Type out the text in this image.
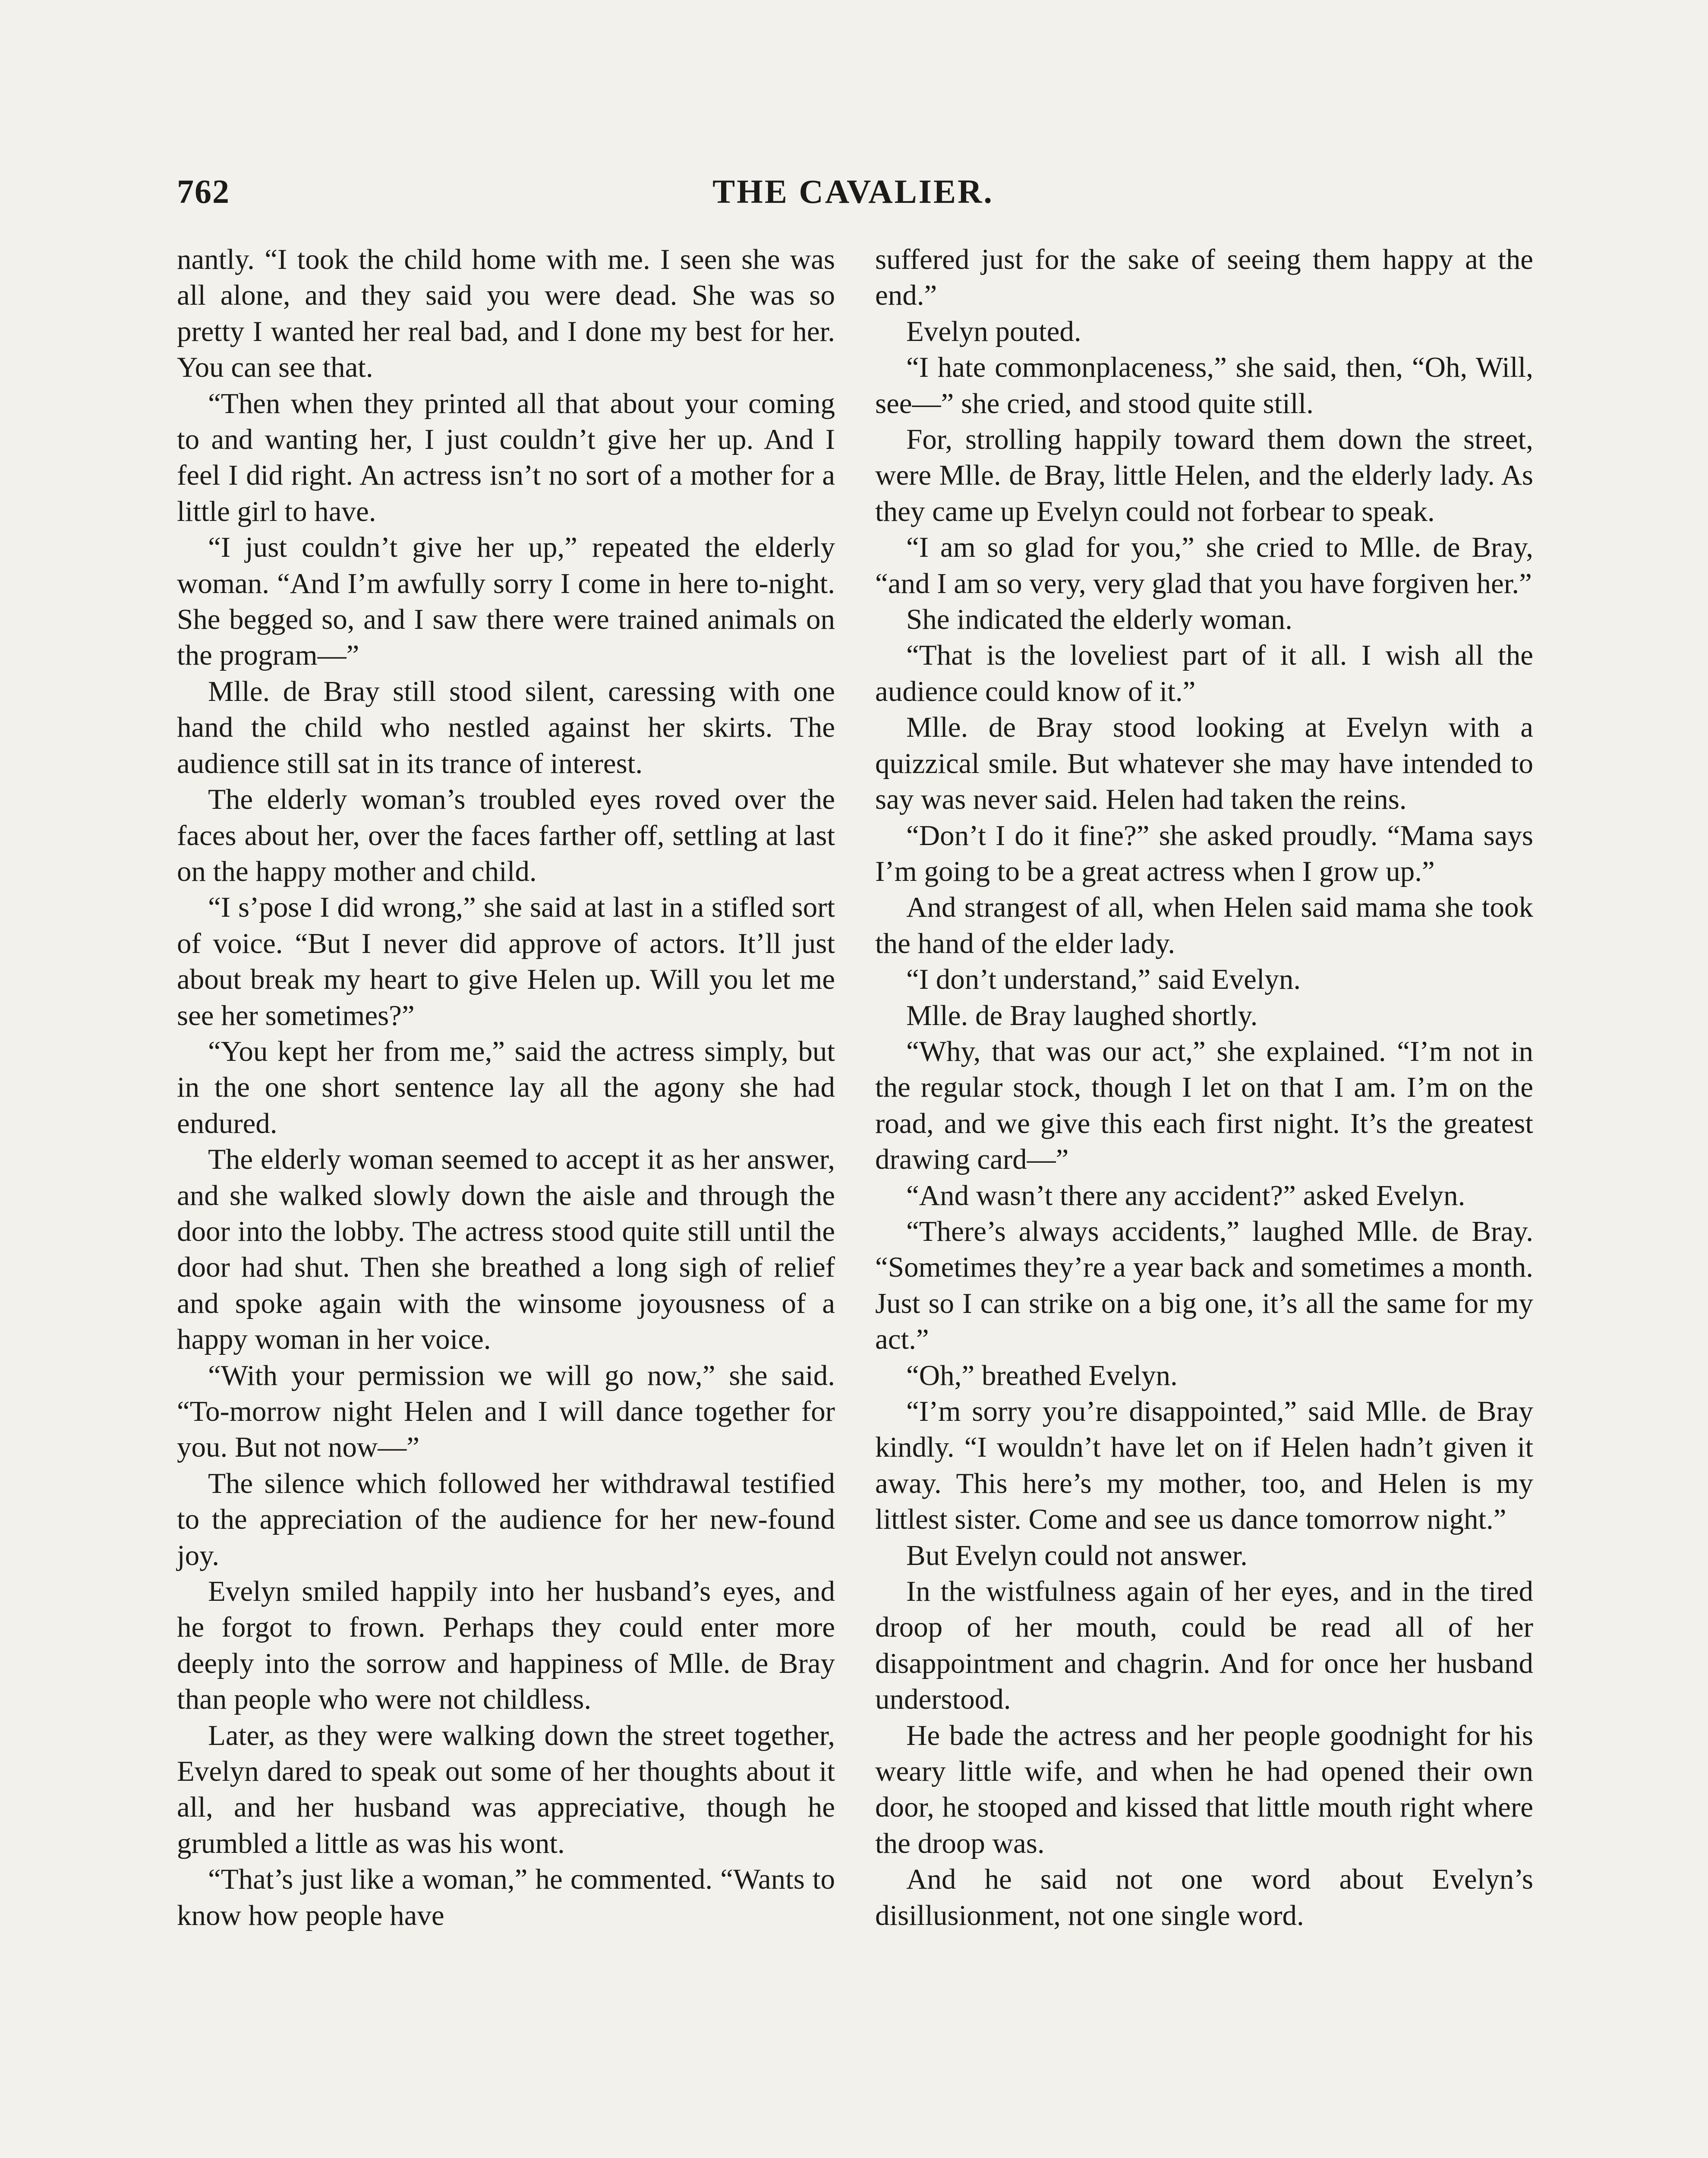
762	THE CAVALIER.

nantly. “I took the child home with me. I seen she was all alone, and they said you were dead. She was so pretty I wanted her real bad, and I done my best for her. You can see that.

“Then when they printed all that about your coming to and wanting her, I just couldn’t give her up. And I feel I did right. An actress isn’t no sort of a mother for a little girl to have.

“I just couldn’t give her up,” repeated the elderly woman. “And I’m awfully sorry I come in here to-night. She begged so, and I saw there were trained animals on the program—”

Mlle. de Bray still stood silent, caressing with one hand the child who nestled against her skirts. The audience still sat in its trance of interest.

The elderly woman’s troubled eyes roved over the faces about her, over the faces farther off, settling at last on the happy mother and child.

“I s’pose I did wrong,” she said at last in a stifled sort of voice. “But I never did approve of actors. It’ll just about break my heart to give Helen up. Will you let me see her sometimes?”

“You kept her from me,” said the actress simply, but in the one short sentence lay all the agony she had endured.

The elderly woman seemed to accept it as her answer, and she walked slowly down the aisle and through the door into the lobby. The actress stood quite still until the door had shut. Then she breathed a long sigh of relief and spoke again with the winsome joyousness of a happy woman in her voice.

“With your permission we will go now,” she said. “To-morrow night Helen and I will dance together for you. But not now—”

The silence which followed her withdrawal testified to the appreciation of the audience for her new-found joy.

Evelyn smiled happily into her husband’s eyes, and he forgot to frown. Perhaps they could enter more deeply into the sorrow and happiness of Mlle. de Bray than people who were not childless.

Later, as they were walking down the street together, Evelyn dared to speak out some of her thoughts about it all, and her husband was appreciative, though he grumbled a little as was his wont.

“That’s just like a woman,” he commented. “Wants to know how people have

suffered just for the sake of seeing them happy at the end.”

Evelyn pouted.

“I hate commonplaceness,” she said, then, “Oh, Will, see—” she cried, and stood quite still.

For, strolling happily toward them down the street, were Mlle. de Bray, little Helen, and the elderly lady. As they came up Evelyn could not forbear to speak.

“I am so glad for you,” she cried to Mlle. de Bray, “and I am so very, very glad that you have forgiven her.”

She indicated the elderly woman.

“That is the loveliest part of it all. I wish all the audience could know of it.”

Mlle. de Bray stood looking at Evelyn with a quizzical smile. But whatever she may have intended to say was never said. Helen had taken the reins.

“Don’t I do it fine?” she asked proudly. “Mama says I’m going to be a great actress when I grow up.”

And strangest of all, when Helen said mama she took the hand of the elder lady.

“I don’t understand,” said Evelyn.

Mlle. de Bray laughed shortly.

“Why, that was our act,” she explained. “I’m not in the regular stock, though I let on that I am. I’m on the road, and we give this each first night. It’s the greatest drawing card—”

“And wasn’t there any accident?” asked Evelyn.

“There’s always accidents,” laughed Mlle. de Bray. “Sometimes they’re a year back and sometimes a month. Just so I can strike on a big one, it’s all the same for my act.”

“Oh,” breathed Evelyn.

“I’m sorry you’re disappointed,” said Mlle. de Bray kindly. “I wouldn’t have let on if Helen hadn’t given it away. This here’s my mother, too, and Helen is my littlest sister. Come and see us dance tomorrow night.”

But Evelyn could not answer.

In the wistfulness again of her eyes, and in the tired droop of her mouth, could be read all of her disappointment and chagrin. And for once her husband understood.

He bade the actress and her people goodnight for his weary little wife, and when he had opened their own door, he stooped and kissed that little mouth right where the droop was.

And he said not one word about Evelyn’s disillusionment, not one single word.
